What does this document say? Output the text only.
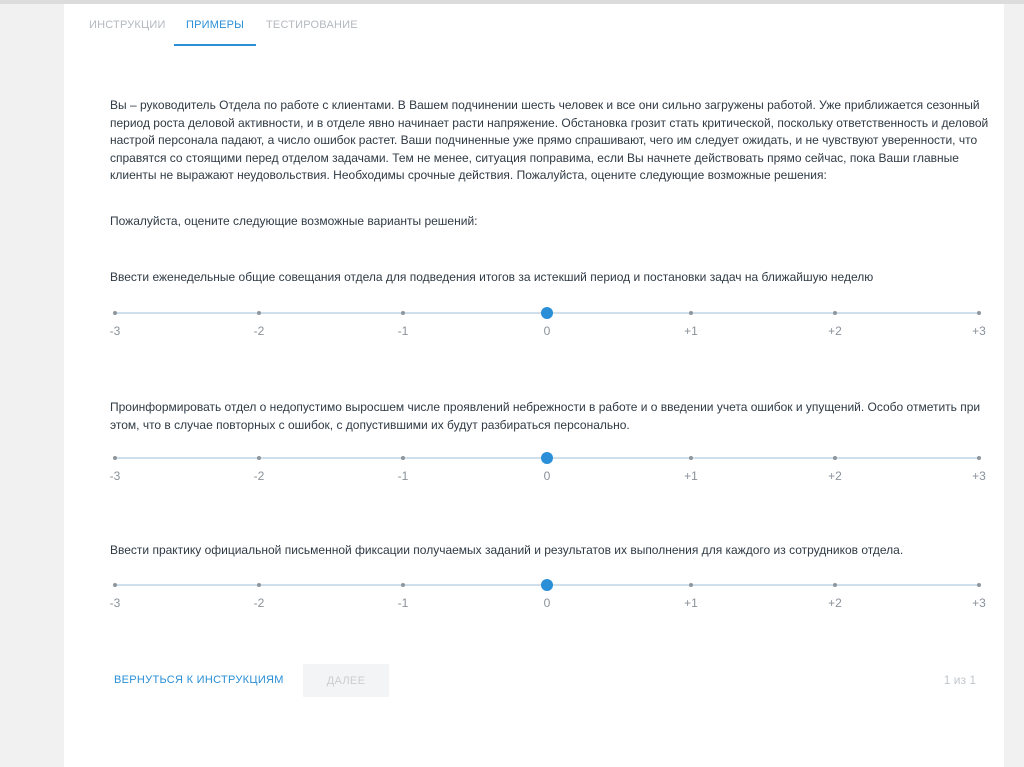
ИНСТРУКЦИИ ПРИМЕРЫ ТЕСТИРОВАНИЕ

Вы – руководитель Отдела по работе с клиентами. В Вашем подчинении шесть человек и все они сильно загружены работой. Уже приближается сезонный период роста деловой активности, и в отделе явно начинает расти напряжение. Обстановка грозит стать критической, поскольку ответственность и деловой настрой персонала падают, а число ошибок растет. Ваши подчиненные уже прямо спрашивают, чего им следует ожидать, и не чувствуют уверенности, что справятся со стоящими перед отделом задачами. Тем не менее, ситуация поправима, если Вы начнете действовать прямо сейчас, пока Ваши главные клиенты не выражают неудовольствия. Необходимы срочные действия. Пожалуйста, оцените следующие возможные решения:

Пожалуйста, оцените следующие возможные варианты решений:

Ввести еженедельные общие совещания отдела для подведения итогов за истекший период и постановки задач на ближайшую неделю

-3	-2	-1	0	+1	+2	+3

Проинформировать отдел о недопустимо выросшем числе проявлений небрежности в работе и о введении учета ошибок и упущений. Особо отметить при этом, что в случае повторных с ошибок, с допустившими их будут разбираться персонально.

-3	-2	-1	0	+1	+2	+3

Ввести практику официальной письменной фиксации получаемых заданий и результатов их выполнения для каждого из сотрудников отдела.

-3	-2	-1	0	+1	+2	+3
ВЕРНУТЬСЯ К ИНСТРУКЦИЯМ	ДАЛЕЕ	1 из 1
